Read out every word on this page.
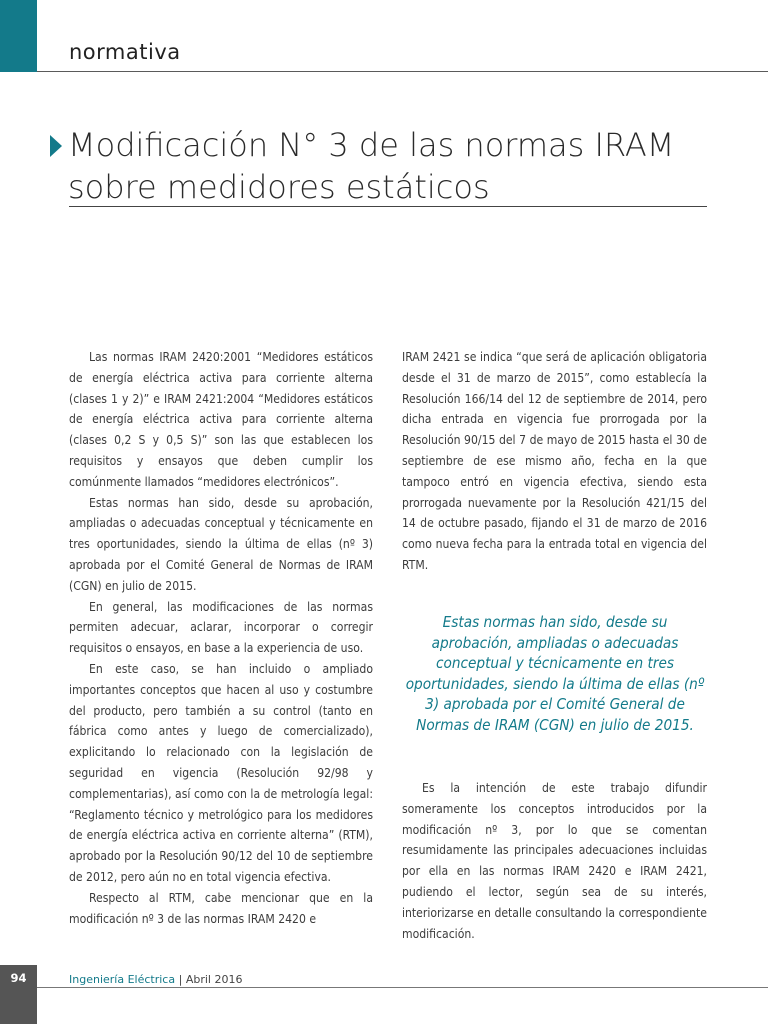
normativa
Modificación N° 3 de las normas IRAM sobre medidores estáticos

Las normas IRAM 2420:2001 “Medidores estáticos de energía eléctrica activa para corriente alterna (clases 1 y 2)” e IRAM 2421:2004 “Medidores estáticos de energía eléctrica activa para corriente alterna (clases 0,2 S y 0,5 S)” son las que establecen los requisitos y ensayos que deben cumplir los comúnmente llamados “medidores electrónicos”.

Estas normas han sido, desde su aprobación, ampliadas o adecuadas conceptual y técnicamente en tres oportunidades, siendo la última de ellas (nº 3) aprobada por el Comité General de Normas de IRAM (CGN) en julio de 2015.

En general, las modificaciones de las normas permiten adecuar, aclarar, incorporar o corregir requisitos o ensayos, en base a la experiencia de uso.

En este caso, se han incluido o ampliado importantes conceptos que hacen al uso y costumbre del producto, pero también a su control (tanto en fábrica como antes y luego de comercializado), explicitando lo relacionado con la legislación de seguridad en vigencia (Resolución 92/98 y complementarias), así como con la de metrología legal: “Reglamento técnico y metrológico para los medidores de energía eléctrica activa en corriente alterna” (RTM), aprobado por la Resolución 90/12 del 10 de septiembre de 2012, pero aún no en total vigencia efectiva.

Respecto al RTM, cabe mencionar que en la modificación nº 3 de las normas IRAM 2420 e

IRAM 2421 se indica “que será de aplicación obligatoria desde el 31 de marzo de 2015”, como establecía la Resolución 166/14 del 12 de septiembre de 2014, pero dicha entrada en vigencia fue prorrogada por la Resolución 90/15 del 7 de mayo de 2015 hasta el 30 de septiembre de ese mismo año, fecha en la que tampoco entró en vigencia efectiva, siendo esta prorrogada nuevamente por la Resolución 421/15 del 14 de octubre pasado, fijando el 31 de marzo de 2016 como nueva fecha para la entrada total en vigencia del RTM.

Estas normas han sido, desde su aprobación, ampliadas o adecuadas conceptual y técnicamente en tres oportunidades, siendo la última de ellas (nº 3) aprobada por el Comité General de Normas de IRAM (CGN) en julio de 2015.

Es la intención de este trabajo difundir someramente los conceptos introducidos por la modificación nº 3, por lo que se comentan resumidamente las principales adecuaciones incluidas por ella en las normas IRAM 2420 e IRAM 2421, pudiendo el lector, según sea de su interés, interiorizarse en detalle consultando la correspondiente modificación.

94	Ingeniería Eléctrica | Abril 2016
